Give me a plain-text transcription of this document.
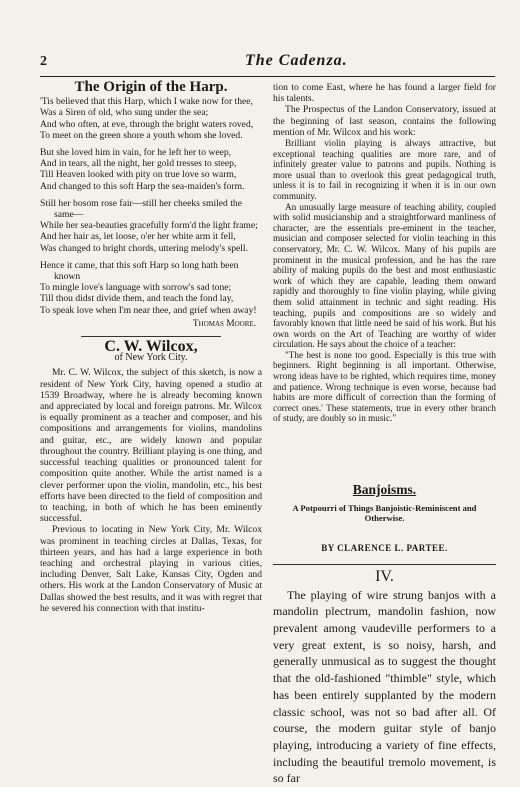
2	The Cadenza.
The Origin of the Harp.
'Tis believed that this Harp, which I wake now for thee,
Was a Siren of old, who sung under the sea;
And who often, at eve, through the bright waters roved,
To meet on the green shore a youth whom she loved.
But she loved him in vain, for he left her to weep,
And in tears, all the night, her gold tresses to steep,
Till Heaven looked with pity on true love so warm,
And changed to this soft Harp the sea-maiden's form.
Still her bosom rose fair—still her cheeks smiled the same—
While her sea-beauties gracefully form'd the light frame;
And her hair as, let loose, o'er her white arm it fell,
Was changed to bright chords, uttering melody's spell.
Hence it came, that this soft Harp so long hath been known
To mingle love's language with sorrow's sad tone;
Till thou didst divide them, and teach the fond lay,
To speak love when I'm near thee, and grief when away!
Thomas Moore.
C. W. Wilcox,
of New York City.

Mr. C. W. Wilcox, the subject of this sketch, is now a resident of New York City, having opened a studio at 1539 Broadway, where he is already becoming known and appreciated by local and foreign patrons. Mr. Wilcox is equally prominent as a teacher and composer, and his compositions and arrangements for violins, mandolins and guitar, etc., are widely known and popular throughout the country. Brilliant playing is one thing, and successful teaching qualities or pronounced talent for composition quite another. While the artist named is a clever performer upon the violin, mandolin, etc., his best efforts have been directed to the field of composition and to teaching, in both of which he has been eminently successful.

Previous to locating in New York City, Mr. Wilcox was prominent in teaching circles at Dallas, Texas, for thirteen years, and has had a large experience in both teaching and orchestral playing in various cities, including Denver, Salt Lake, Kansas City, Ogden and others. His work at the Landon Conservatory of Music at Dallas showed the best results, and it was with regret that he severed his connection with that institu-

tion to come East, where he has found a larger field for his talents.

The Prospectus of the Landon Conservatory, issued at the beginning of last season, contains the following mention of Mr. Wilcox and his work:

Brilliant violin playing is always attractive, but exceptional teaching qualities are more rare, and of infinitely greater value to patrons and pupils. Nothing is more usual than to overlook this great pedagogical truth, unless it is to fail in recognizing it when it is in our own community.

An unusually large measure of teaching ability, coupled with solid musicianship and a straightforward manliness of character, are the essentials pre-eminent in the teacher, musician and composer selected for violin teaching in this conservatory, Mr. C. W. Wilcox. Many of his pupils are prominent in the musical profession, and he has the rare ability of making pupils do the best and most enthusiastic work of which they are capable, leading them onward rapidly and thoroughly to fine violin playing, while giving them solid attainment in technic and sight reading. His teaching, pupils and compositions are so widely and favorably known that little need be said of his work. But his own words on the Art of Teaching are worthy of wider circulation. He says about the choice of a teacher:

"The best is none too good. Especially is this true with beginners. Right beginning is all important. Otherwise, wrong ideas have to be righted, which requires time, money and patience. Wrong technique is even worse, because bad habits are more difficult of correction than the forming of correct ones.' These statements, true in every other branch of study, are doubly so in music."

Banjoisms.
A Potpourri of Things Banjoistic-Reminiscent and Otherwise.
BY CLARENCE L. PARTEE.
IV.

The playing of wire strung banjos with a mandolin plectrum, mandolin fashion, now prevalent among vaudeville performers to a very great extent, is so noisy, harsh, and generally unmusical as to suggest the thought that the old-fashioned "thimble" style, which has been entirely supplanted by the modern classic school, was not so bad after all. Of course, the modern guitar style of banjo playing, introducing a variety of fine effects, including the beautiful tremolo movement, is so far
